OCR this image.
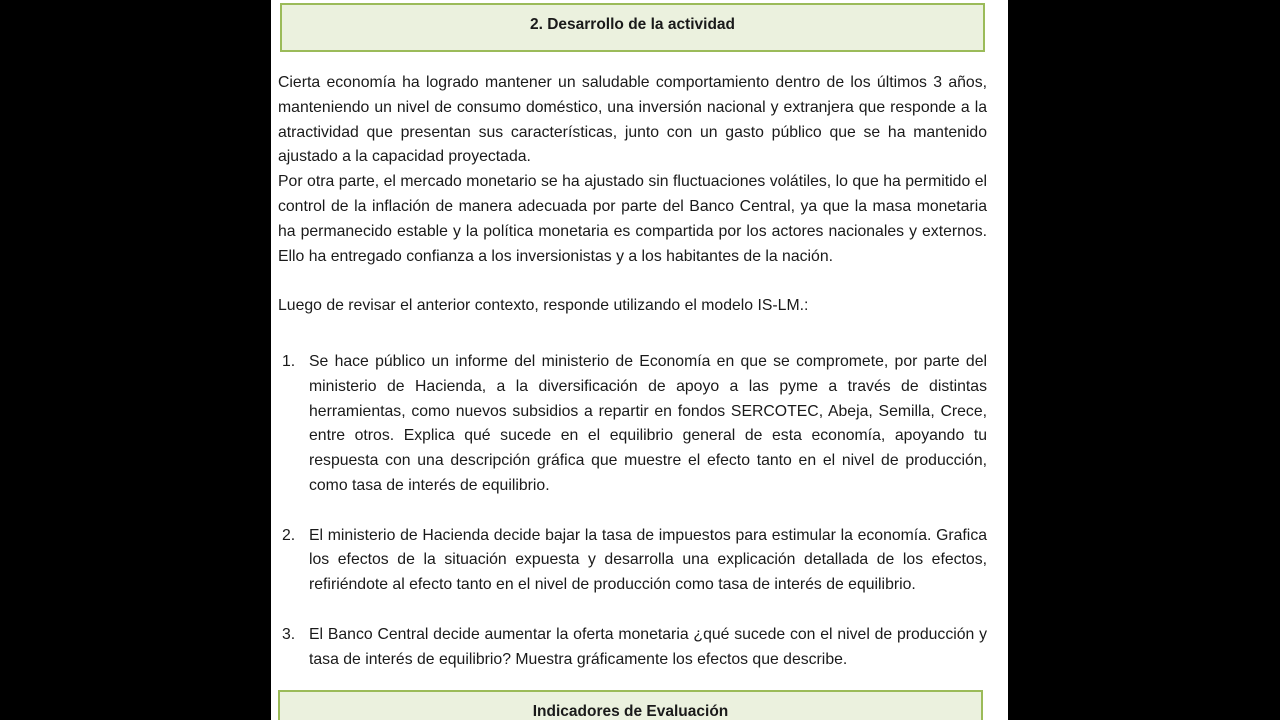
2. Desarrollo de la actividad
Cierta economía ha logrado mantener un saludable comportamiento dentro de los últimos 3 años, manteniendo un nivel de consumo doméstico, una inversión nacional y extranjera que responde a la atractividad que presentan sus características, junto con un gasto público que se ha mantenido ajustado a la capacidad proyectada.
Por otra parte, el mercado monetario se ha ajustado sin fluctuaciones volátiles, lo que ha permitido el control de la inflación de manera adecuada por parte del Banco Central, ya que la masa monetaria ha permanecido estable y la política monetaria es compartida por los actores nacionales y externos. Ello ha entregado confianza a los inversionistas y a los habitantes de la nación.
Luego de revisar el anterior contexto, responde utilizando el modelo IS-LM.:
1. Se hace público un informe del ministerio de Economía en que se compromete, por parte del ministerio de Hacienda, a la diversificación de apoyo a las pyme a través de distintas herramientas, como nuevos subsidios a repartir en fondos SERCOTEC, Abeja, Semilla, Crece, entre otros. Explica qué sucede en el equilibrio general de esta economía, apoyando tu respuesta con una descripción gráfica que muestre el efecto tanto en el nivel de producción, como tasa de interés de equilibrio.
2. El ministerio de Hacienda decide bajar la tasa de impuestos para estimular la economía. Grafica los efectos de la situación expuesta y desarrolla una explicación detallada de los efectos, refiriéndote al efecto tanto en el nivel de producción como tasa de interés de equilibrio.
3. El Banco Central decide aumentar la oferta monetaria ¿qué sucede con el nivel de producción y tasa de interés de equilibrio? Muestra gráficamente los efectos que describe.
Indicadores de Evaluación
